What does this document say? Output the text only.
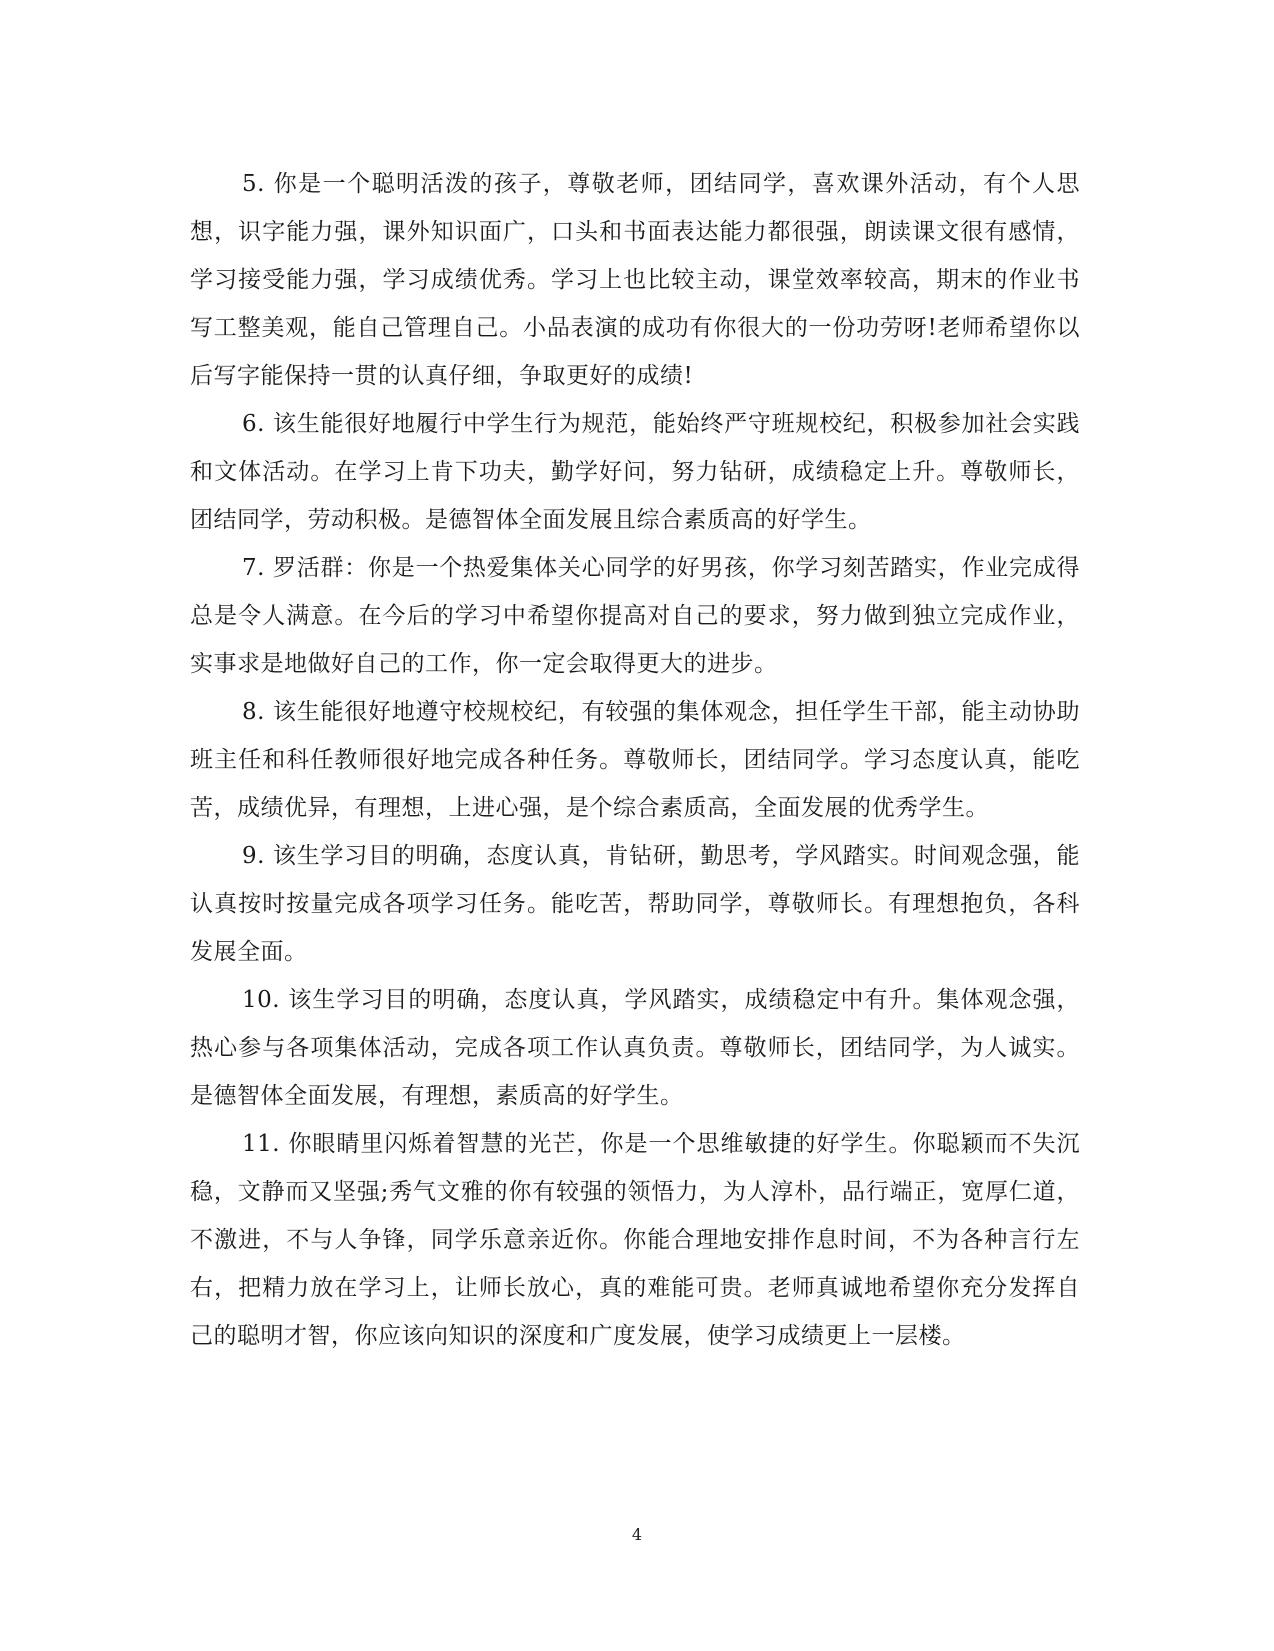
5. 你是一个聪明活泼的孩子，尊敬老师，团结同学，喜欢课外活动，有个人思想，识字能力强，课外知识面广，口头和书面表达能力都很强，朗读课文很有感情，学习接受能力强，学习成绩优秀。学习上也比较主动，课堂效率较高，期末的作业书写工整美观，能自己管理自己。小品表演的成功有你很大的一份功劳呀!老师希望你以后写字能保持一贯的认真仔细，争取更好的成绩!

6. 该生能很好地履行中学生行为规范，能始终严守班规校纪，积极参加社会实践和文体活动。在学习上肯下功夫，勤学好问，努力钻研，成绩稳定上升。尊敬师长，团结同学，劳动积极。是德智体全面发展且综合素质高的好学生。

7. 罗活群：你是一个热爱集体关心同学的好男孩，你学习刻苦踏实，作业完成得总是令人满意。在今后的学习中希望你提高对自己的要求，努力做到独立完成作业，实事求是地做好自己的工作，你一定会取得更大的进步。

8. 该生能很好地遵守校规校纪，有较强的集体观念，担任学生干部，能主动协助班主任和科任教师很好地完成各种任务。尊敬师长，团结同学。学习态度认真，能吃苦，成绩优异，有理想，上进心强，是个综合素质高，全面发展的优秀学生。

9. 该生学习目的明确，态度认真，肯钻研，勤思考，学风踏实。时间观念强，能认真按时按量完成各项学习任务。能吃苦，帮助同学，尊敬师长。有理想抱负，各科发展全面。

10. 该生学习目的明确，态度认真，学风踏实，成绩稳定中有升。集体观念强，热心参与各项集体活动，完成各项工作认真负责。尊敬师长，团结同学，为人诚实。是德智体全面发展，有理想，素质高的好学生。

11. 你眼睛里闪烁着智慧的光芒，你是一个思维敏捷的好学生。你聪颖而不失沉稳，文静而又坚强;秀气文雅的你有较强的领悟力，为人淳朴，品行端正，宽厚仁道，不激进，不与人争锋，同学乐意亲近你。你能合理地安排作息时间，不为各种言行左右，把精力放在学习上，让师长放心，真的难能可贵。老师真诚地希望你充分发挥自己的聪明才智，你应该向知识的深度和广度发展，使学习成绩更上一层楼。

4
